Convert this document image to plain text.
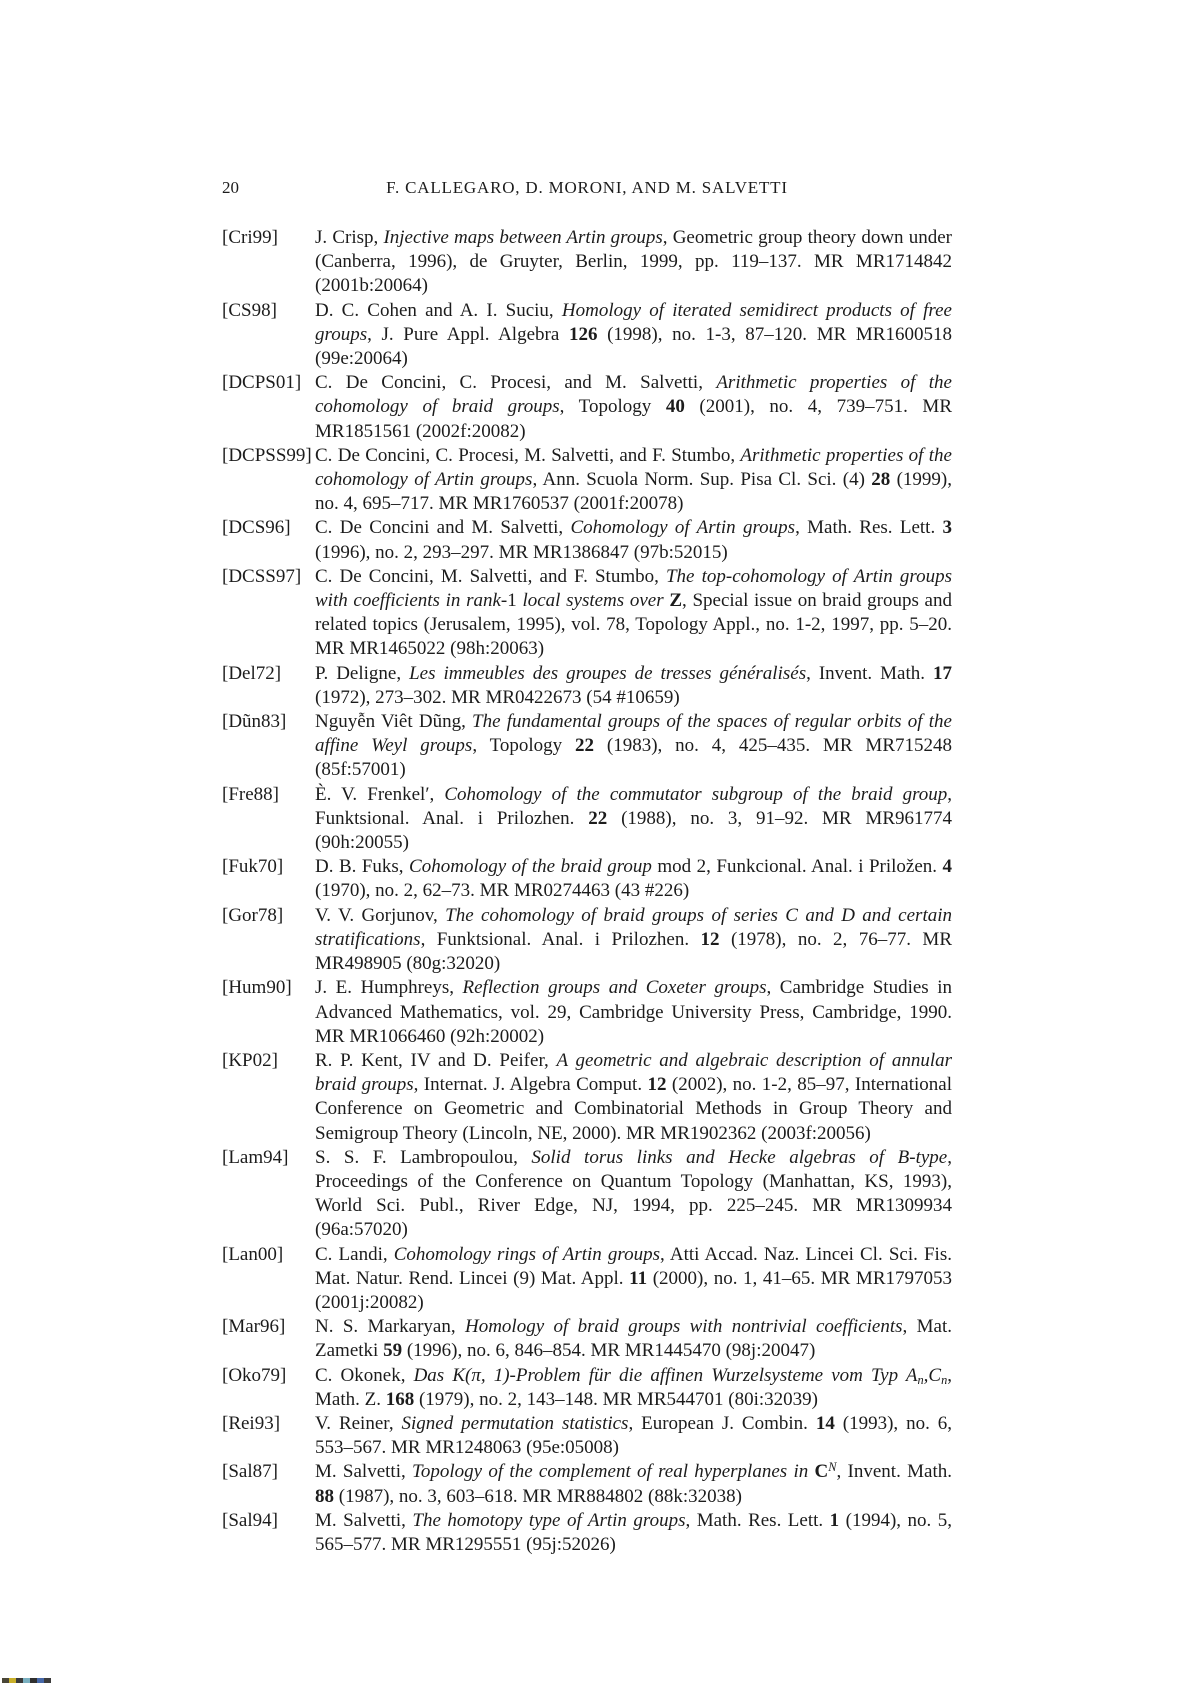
20	F. CALLEGARO, D. MORONI, AND M. SALVETTI
[Cri99]	J. Crisp, Injective maps between Artin groups, Geometric group theory down under (Canberra, 1996), de Gruyter, Berlin, 1999, pp. 119–137. MR MR1714842 (2001b:20064)
[CS98]	D. C. Cohen and A. I. Suciu, Homology of iterated semidirect products of free groups, J. Pure Appl. Algebra 126 (1998), no. 1-3, 87–120. MR MR1600518 (99e:20064)
[DCPS01] C. De Concini, C. Procesi, and M. Salvetti, Arithmetic properties of the cohomology of braid groups, Topology 40 (2001), no. 4, 739–751. MR MR1851561 (2002f:20082)
[DCPSS99] C. De Concini, C. Procesi, M. Salvetti, and F. Stumbo, Arithmetic properties of the cohomology of Artin groups, Ann. Scuola Norm. Sup. Pisa Cl. Sci. (4) 28 (1999), no. 4, 695–717. MR MR1760537 (2001f:20078)
[DCS96]	C. De Concini and M. Salvetti, Cohomology of Artin groups, Math. Res. Lett. 3 (1996), no. 2, 293–297. MR MR1386847 (97b:52015)
[DCSS97] C. De Concini, M. Salvetti, and F. Stumbo, The top-cohomology of Artin groups with coefficients in rank-1 local systems over Z, Special issue on braid groups and related topics (Jerusalem, 1995), vol. 78, Topology Appl., no. 1-2, 1997, pp. 5–20. MR MR1465022 (98h:20063)
[Del72]	P. Deligne, Les immeubles des groupes de tresses généralisés, Invent. Math. 17 (1972), 273–302. MR MR0422673 (54 #10659)
[Dũn83]	Nguyễn Viêt Dũng, The fundamental groups of the spaces of regular orbits of the affine Weyl groups, Topology 22 (1983), no. 4, 425–435. MR MR715248 (85f:57001)
[Fre88]	È. V. Frenkel′, Cohomology of the commutator subgroup of the braid group, Funktsional. Anal. i Prilozhen. 22 (1988), no. 3, 91–92. MR MR961774 (90h:20055)
[Fuk70]	D. B. Fuks, Cohomology of the braid group mod 2, Funkcional. Anal. i Priložen. 4 (1970), no. 2, 62–73. MR MR0274463 (43 #226)
[Gor78]	V. V. Gorjunov, The cohomology of braid groups of series C and D and certain stratifications, Funktsional. Anal. i Prilozhen. 12 (1978), no. 2, 76–77. MR MR498905 (80g:32020)
[Hum90]	J. E. Humphreys, Reflection groups and Coxeter groups, Cambridge Studies in Advanced Mathematics, vol. 29, Cambridge University Press, Cambridge, 1990. MR MR1066460 (92h:20002)
[KP02]	R. P. Kent, IV and D. Peifer, A geometric and algebraic description of annular braid groups, Internat. J. Algebra Comput. 12 (2002), no. 1-2, 85–97, International Conference on Geometric and Combinatorial Methods in Group Theory and Semigroup Theory (Lincoln, NE, 2000). MR MR1902362 (2003f:20056)
[Lam94]	S. S. F. Lambropoulou, Solid torus links and Hecke algebras of B-type, Proceedings of the Conference on Quantum Topology (Manhattan, KS, 1993), World Sci. Publ., River Edge, NJ, 1994, pp. 225–245. MR MR1309934 (96a:57020)
[Lan00]	C. Landi, Cohomology rings of Artin groups, Atti Accad. Naz. Lincei Cl. Sci. Fis. Mat. Natur. Rend. Lincei (9) Mat. Appl. 11 (2000), no. 1, 41–65. MR MR1797053 (2001j:20082)
[Mar96]	N. S. Markaryan, Homology of braid groups with nontrivial coefficients, Mat. Zametki 59 (1996), no. 6, 846–854. MR MR1445470 (98j:20047)
[Oko79]	C. Okonek, Das K(π, 1)-Problem für die affinen Wurzelsysteme vom Typ $A_n,C_n$, Math. Z. 168 (1979), no. 2, 143–148. MR MR544701 (80i:32039)
[Rei93]	V. Reiner, Signed permutation statistics, European J. Combin. 14 (1993), no. 6, 553–567. MR MR1248063 (95e:05008)
[Sal87]	M. Salvetti, Topology of the complement of real hyperplanes in $C^N$, Invent. Math. 88 (1987), no. 3, 603–618. MR MR884802 (88k:32038)
[Sal94]	M. Salvetti, The homotopy type of Artin groups, Math. Res. Lett. 1 (1994), no. 5, 565–577. MR MR1295551 (95j:52026)
